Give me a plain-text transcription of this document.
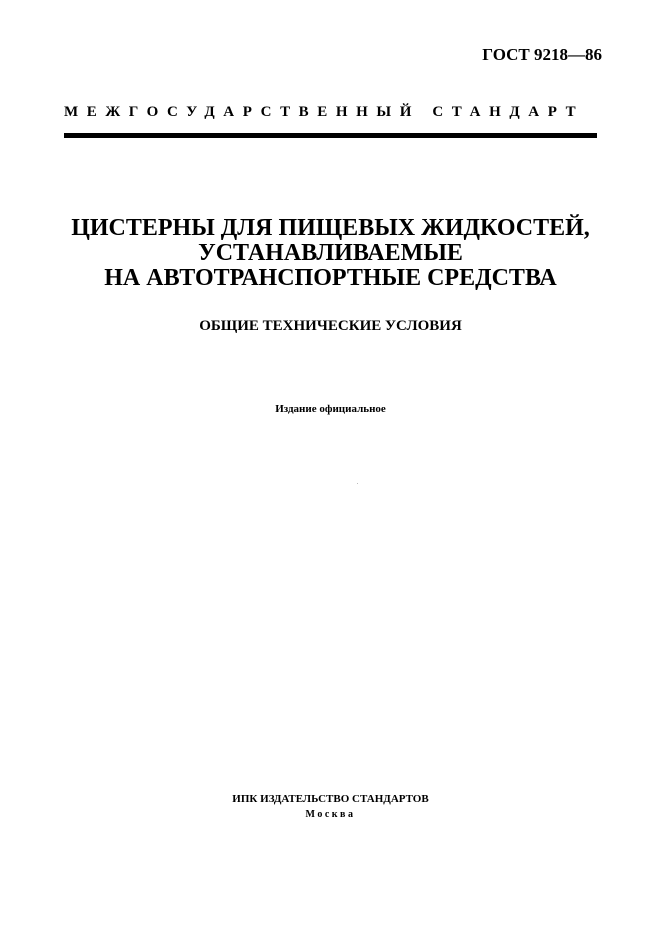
ГОСТ 9218—86
МЕЖГОСУДАРСТВЕННЫЙ СТАНДАРТ
ЦИСТЕРНЫ ДЛЯ ПИЩЕВЫХ ЖИДКОСТЕЙ,
УСТАНАВЛИВАЕМЫЕ
НА АВТОТРАНСПОРТНЫЕ СРЕДСТВА
ОБЩИЕ ТЕХНИЧЕСКИЕ УСЛОВИЯ
Издание официальное
ИПК ИЗДАТЕЛЬСТВО СТАНДАРТОВ
Москва
